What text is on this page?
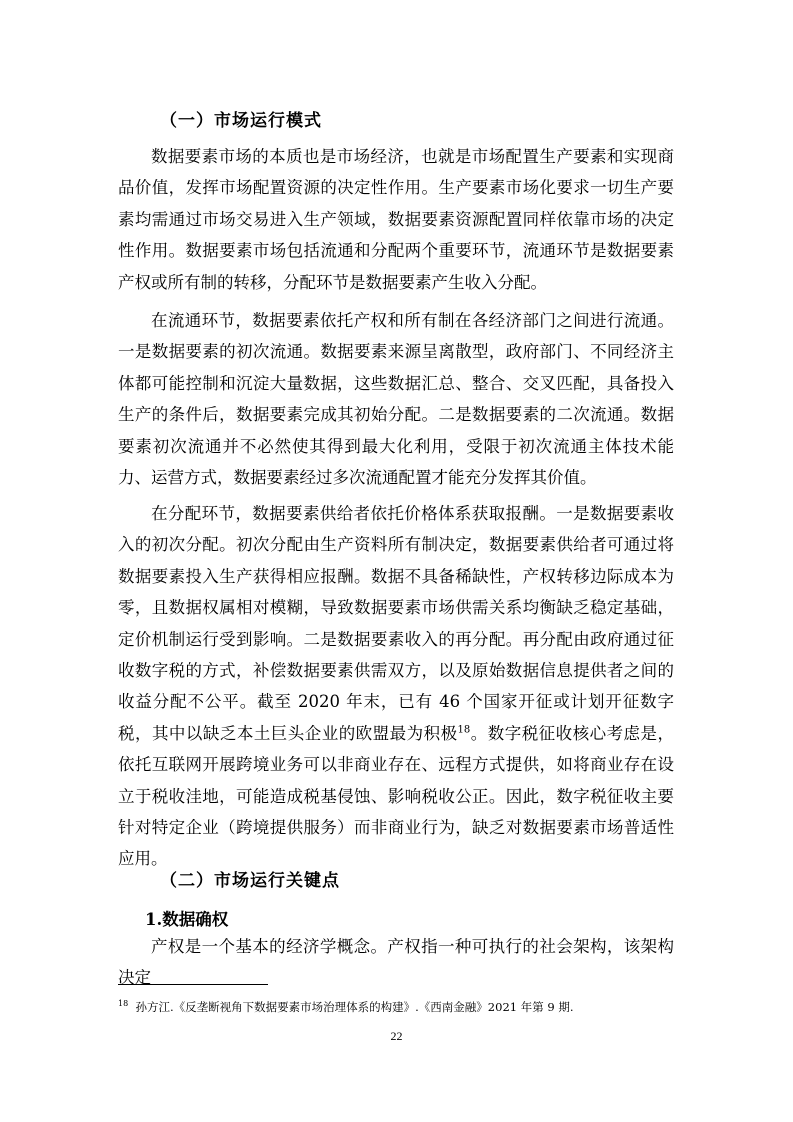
（一）市场运行模式

数据要素市场的本质也是市场经济，也就是市场配置生产要素和实现商品价值，发挥市场配置资源的决定性作用。生产要素市场化要求一切生产要素均需通过市场交易进入生产领域，数据要素资源配置同样依靠市场的决定性作用。数据要素市场包括流通和分配两个重要环节，流通环节是数据要素产权或所有制的转移，分配环节是数据要素产生收入分配。

在流通环节，数据要素依托产权和所有制在各经济部门之间进行流通。一是数据要素的初次流通。数据要素来源呈离散型，政府部门、不同经济主体都可能控制和沉淀大量数据，这些数据汇总、整合、交叉匹配，具备投入生产的条件后，数据要素完成其初始分配。二是数据要素的二次流通。数据要素初次流通并不必然使其得到最大化利用，受限于初次流通主体技术能力、运营方式，数据要素经过多次流通配置才能充分发挥其价值。

在分配环节，数据要素供给者依托价格体系获取报酬。一是数据要素收入的初次分配。初次分配由生产资料所有制决定，数据要素供给者可通过将数据要素投入生产获得相应报酬。数据不具备稀缺性，产权转移边际成本为零，且数据权属相对模糊，导致数据要素市场供需关系均衡缺乏稳定基础，定价机制运行受到影响。二是数据要素收入的再分配。再分配由政府通过征收数字税的方式，补偿数据要素供需双方，以及原始数据信息提供者之间的收益分配不公平。截至 2020 年末，已有 46 个国家开征或计划开征数字税，其中以缺乏本土巨头企业的欧盟最为积极$^{18}$。数字税征收核心考虑是，依托互联网开展跨境业务可以非商业存在、远程方式提供，如将商业存在设立于税收洼地，可能造成税基侵蚀、影响税收公正。因此，数字税征收主要针对特定企业（跨境提供服务）而非商业行为，缺乏对数据要素市场普适性应用。

（二）市场运行关键点
1.数据确权

产权是一个基本的经济学概念。产权指一种可执行的社会架构，该架构决定

$^{18}$ 孙方江.《反垄断视角下数据要素市场治理体系的构建》.《西南金融》2021 年第 9 期.

22
